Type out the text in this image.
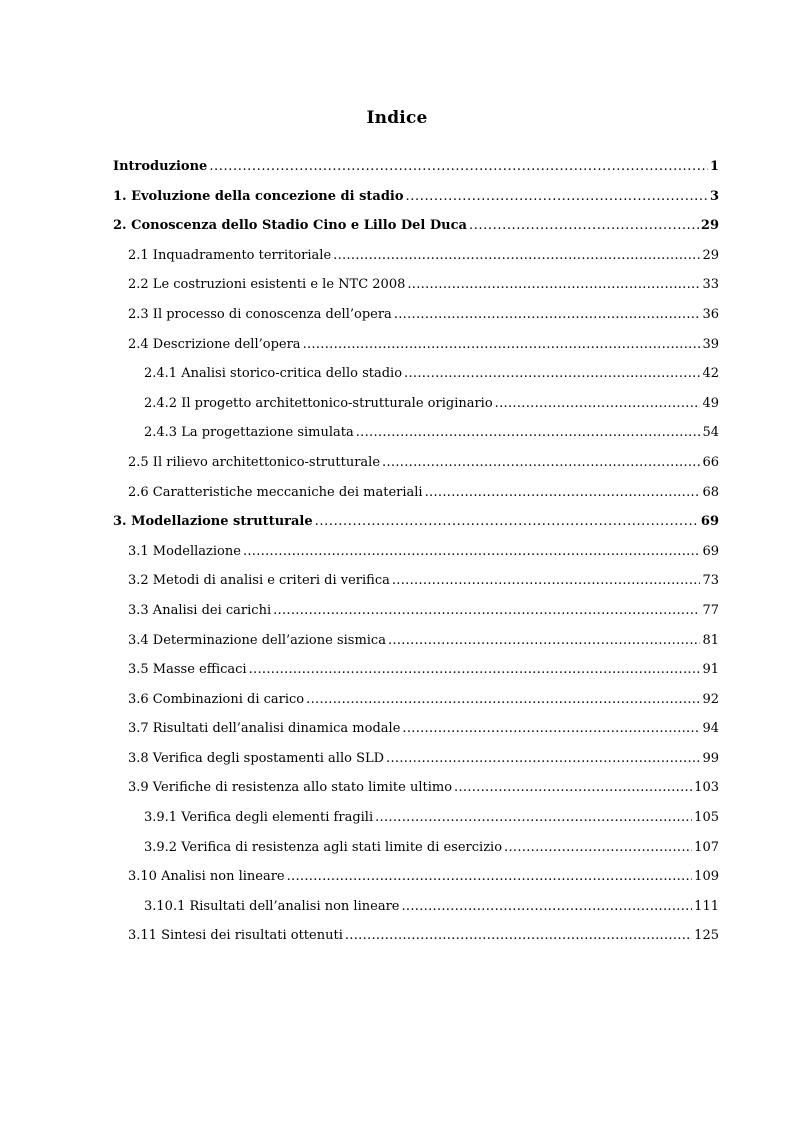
Indice
Introduzione .....	1
1. Evoluzione della concezione di stadio .....	3
2. Conoscenza dello Stadio Cino e Lillo Del Duca .....	29
2.1 Inquadramento territoriale .....	29
2.2 Le costruzioni esistenti e le NTC 2008 .....	33
2.3 Il processo di conoscenza dell’opera .....	36
2.4 Descrizione dell’opera .....	39
2.4.1 Analisi storico-critica dello stadio .....	42
2.4.2 Il progetto architettonico-strutturale originario .....	49
2.4.3 La progettazione simulata .....	54
2.5 Il rilievo architettonico-strutturale .....	66
2.6 Caratteristiche meccaniche dei materiali .....	68
3. Modellazione strutturale .....	69
3.1 Modellazione .....	69
3.2 Metodi di analisi e criteri di verifica .....	73
3.3 Analisi dei carichi .....	77
3.4 Determinazione dell’azione sismica .....	81
3.5 Masse efficaci .....	91
3.6 Combinazioni di carico .....	92
3.7 Risultati dell’analisi dinamica modale .....	94
3.8 Verifica degli spostamenti allo SLD .....	99
3.9 Verifiche di resistenza allo stato limite ultimo .....	103
3.9.1 Verifica degli elementi fragili .....	105
3.9.2 Verifica di resistenza agli stati limite di esercizio .....	107
3.10 Analisi non lineare .....	109
3.10.1 Risultati dell’analisi non lineare .....	111
3.11 Sintesi dei risultati ottenuti .....	125
